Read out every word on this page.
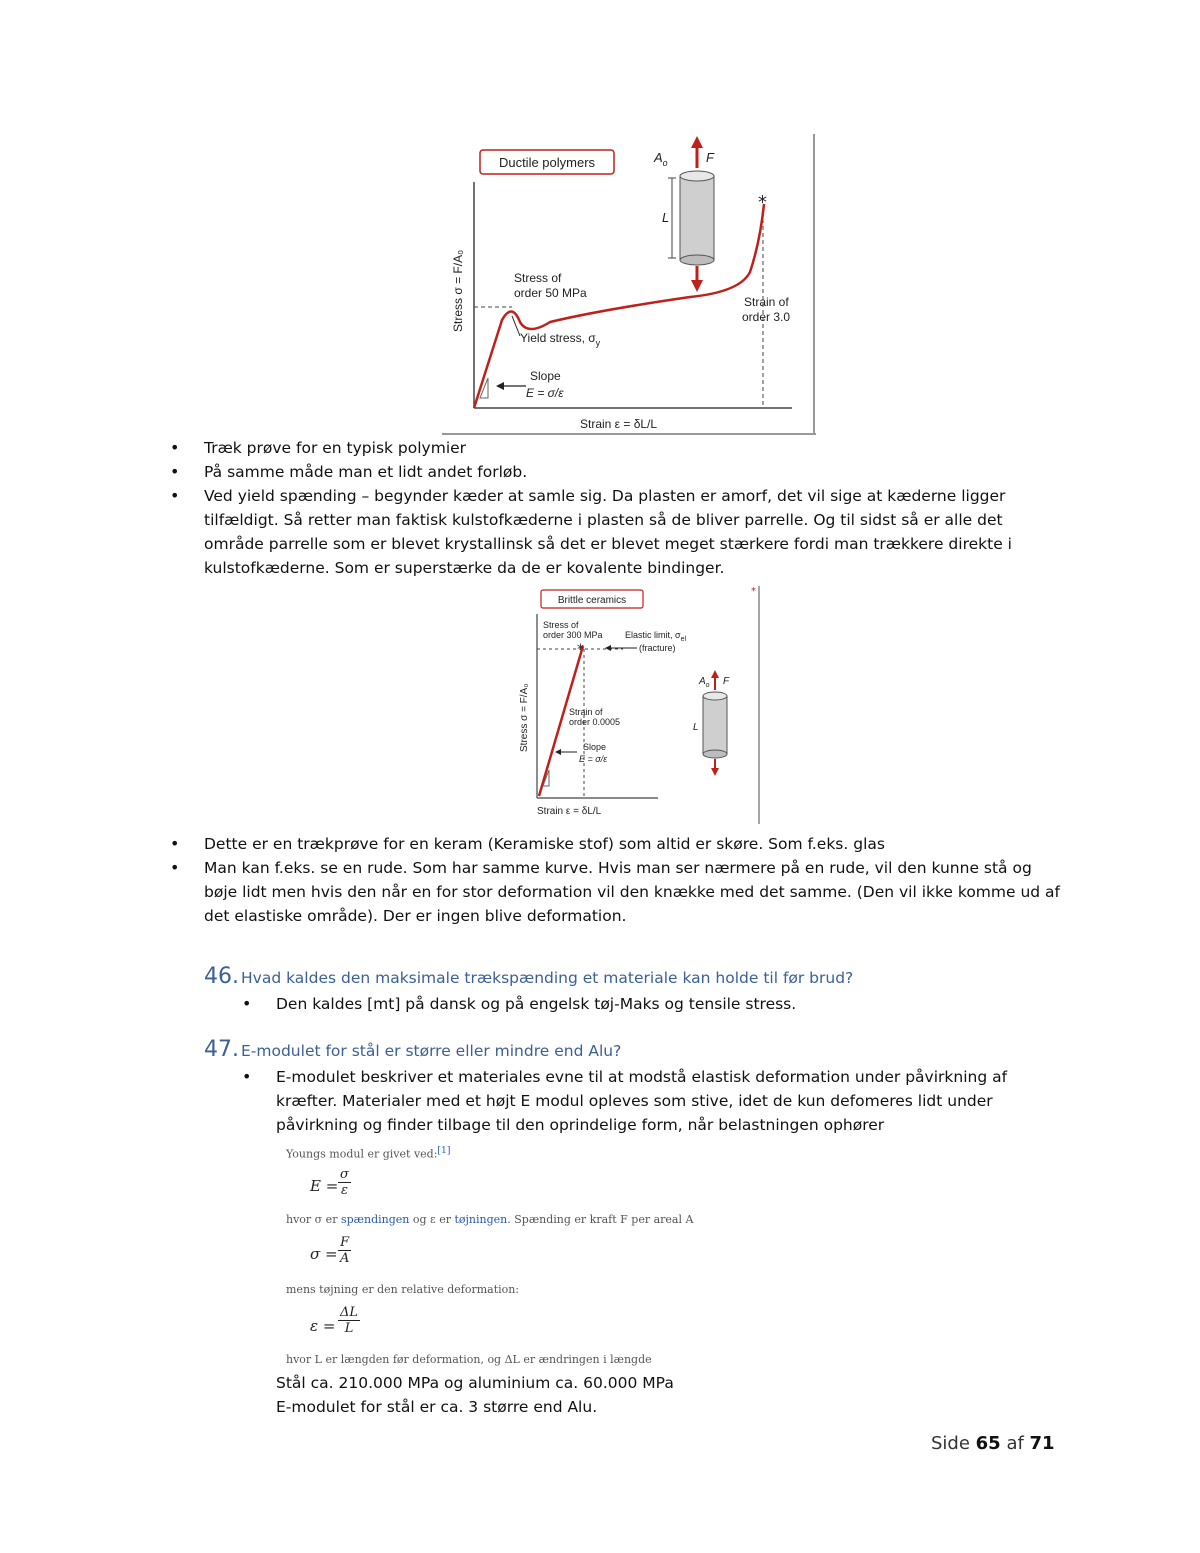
Ductile polymers
Stress σ = F/A₀
Strain ε = δL/L
*
Slope
E = σ/ε
Stress of
order 50 MPa
Yield stress, $\sigma_y$
Strain of
order 3.0
$A_o$	F
L
• Træk prøve for en typisk polymier
• På samme måde man et lidt andet forløb.
• Ved yield spænding – begynder kæder at samle sig. Da plasten er amorf, det vil sige at kæderne ligger tilfældigt. Så retter man faktisk kulstofkæderne i plasten så de bliver parrelle. Og til sidst så er alle det område parrelle som er blevet krystallinsk så det er blevet meget stærkere fordi man trækkere direkte i kulstofkæderne. Som er superstærke da de er kovalente bindinger.
*
Brittle ceramics
Stress σ = F/A₀
Strain ε = δL/L
Stress of
order 300 MPa
*
Elastic limit, $\sigma_{el}$
(fracture)
Strain of
order 0.0005
Slope
E = σ/ε
$A_o$ F
L
• Dette er en trækprøve for en keram (Keramiske stof) som altid er skøre. Som f.eks. glas
• Man kan f.eks. se en rude. Som har samme kurve. Hvis man ser nærmere på en rude, vil den kunne stå og bøje lidt men hvis den når en for stor deformation vil den knække med det samme. (Den vil ikke komme ud af det elastiske område). Der er ingen blive deformation.
46. Hvad kaldes den maksimale trækspænding et materiale kan holde til før brud?
• Den kaldes [mt] på dansk og på engelsk tøj-Maks og tensile stress.
47. E-modulet for stål er større eller mindre end Alu?
• E-modulet beskriver et materiales evne til at modstå elastisk deformation under påvirkning af kræfter. Materialer med et højt E modul opleves som stive, idet de kun defomeres lidt under påvirkning og finder tilbage til den oprindelige form, når belastningen ophører
Youngs modul er givet ved:[1]
$E = \frac{\sigma}{\varepsilon}$
hvor σ er spændingen og ε er tøjningen. Spænding er kraft F per areal A
$\sigma = \frac{F}{A}$
mens tøjning er den relative deformation:
$\varepsilon = \frac{\Delta L}{L}$
hvor L er længden før deformation, og ΔL er ændringen i længde
Stål ca. 210.000 MPa og aluminium ca. 60.000 MPa
E-modulet for stål er ca. 3 større end Alu.
Side 65 af 71
